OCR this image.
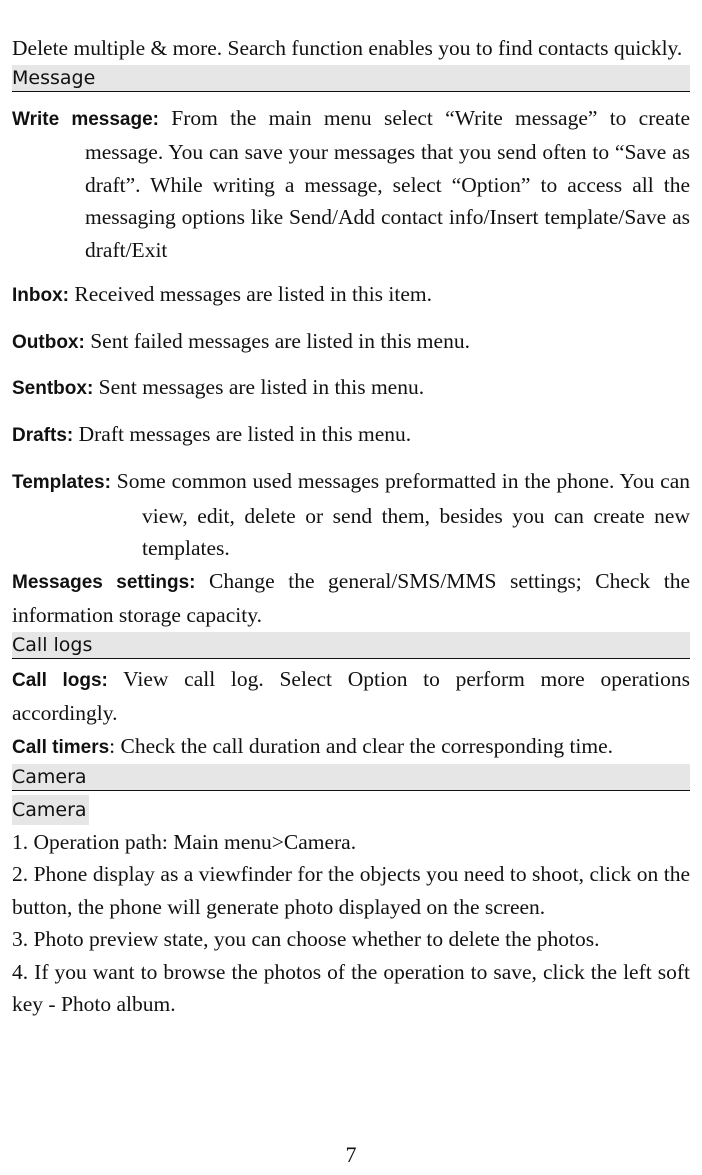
Delete multiple & more. Search function enables you to find contacts quickly.

Message

Write message: From the main menu select “Write message” to create message. You can save your messages that you send often to “Save as draft”. While writing a message, select “Option” to access all the messaging options like Send/Add contact info/Insert template/Save as draft/Exit

Inbox: Received messages are listed in this item.

Outbox: Sent failed messages are listed in this menu.

Sentbox: Sent messages are listed in this menu.

Drafts: Draft messages are listed in this menu.

Templates: Some common used messages preformatted in the phone. You can view, edit, delete or send them, besides you can create new templates.

Messages settings: Change the general/SMS/MMS settings; Check the information storage capacity.

Call logs

Call logs: View call log. Select Option to perform more operations accordingly.

Call timers: Check the call duration and clear the corresponding time.

Camera
Camera

1. Operation path: Main menu>Camera.

2. Phone display as a viewfinder for the objects you need to shoot, click on the button, the phone will generate photo displayed on the screen.

3. Photo preview state, you can choose whether to delete the photos.

4. If you want to browse the photos of the operation to save, click the left soft key - Photo album.

7
